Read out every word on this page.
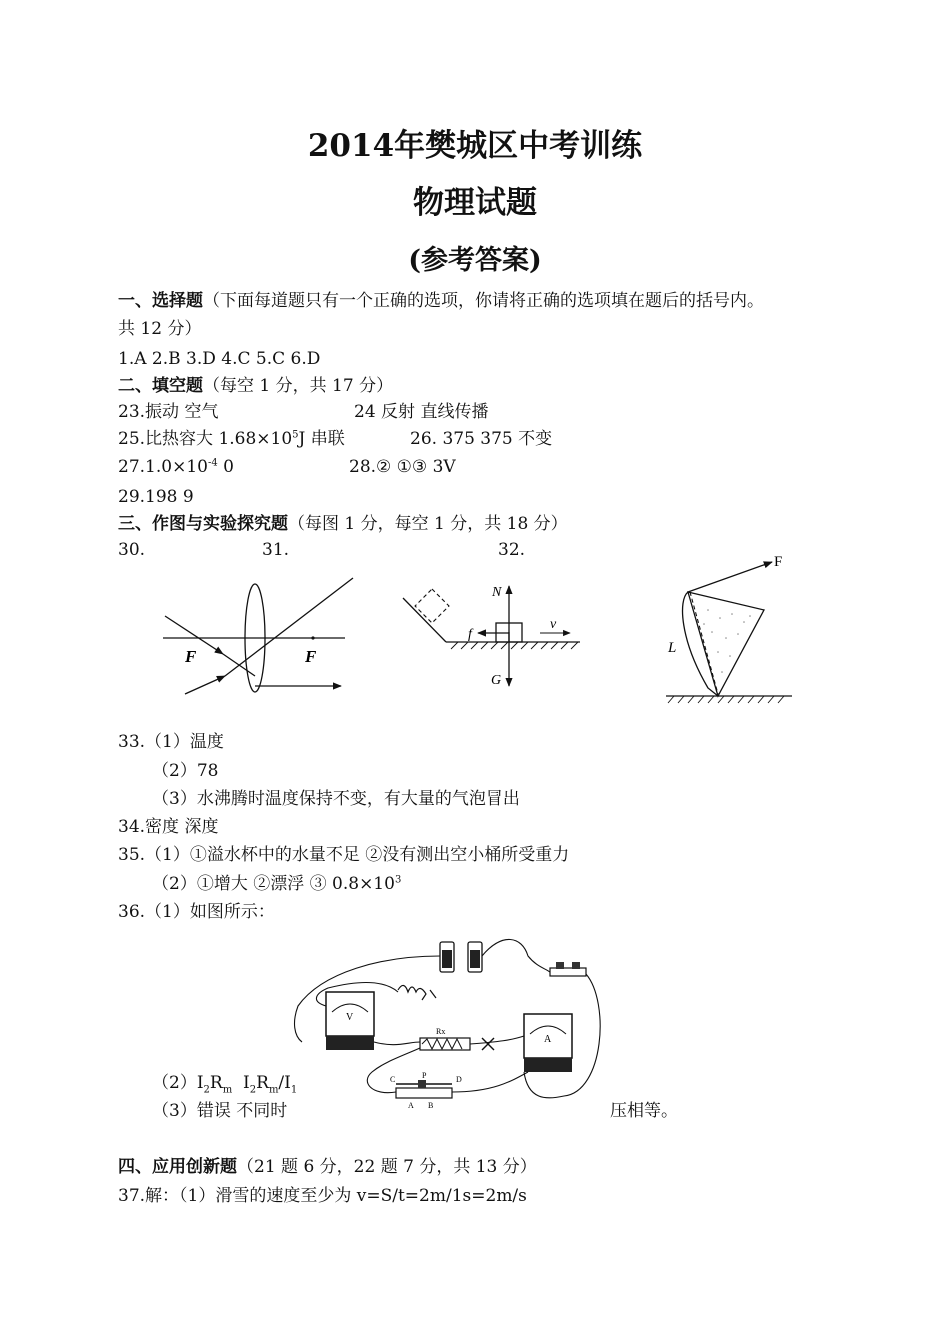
2014年樊城区中考训练
物理试题
(参考答案)
一、选择题（下面每道题只有一个正确的选项，你请将正确的选项填在题后的括号内。
共 12 分）
1.A 2.B 3.D 4.C 5.C 6.D
二、填空题（每空 1 分，共 17 分）
23.振动 空气	24 反射 直线传播
25.比热容大 $1.68\times 10^5J$ 串联	26. 375 375 不变
$27.1.0\times 10^{-4}$ 0	28.② ①③ 3V
29.198 9
三、作图与实验探究题（每图 1 分，每空 1 分，共 18 分）
30.	31.	32.
F	F
N
f
v
G
F
L
33.（1）温度
（2）78
（3）水沸腾时温度保持不变，有大量的气泡冒出
34.密度 深度
35.（1）①溢水杯中的水量不足 ②没有测出空小桶所受重力
（2）①增大 ②漂浮 ③ $0.8\times 10^3$
36.（1）如图所示：
V
A
Rx
C	P	D
A B
$(2)I_2R_m$ $I_2R_m/I_1$
（3）错误 不同时	压相等。
四、应用创新题（21 题 6 分，22 题 7 分，共 13 分）
37.解：（1）滑雪的速度至少为 v=S/t=2m/1s=2m/s
